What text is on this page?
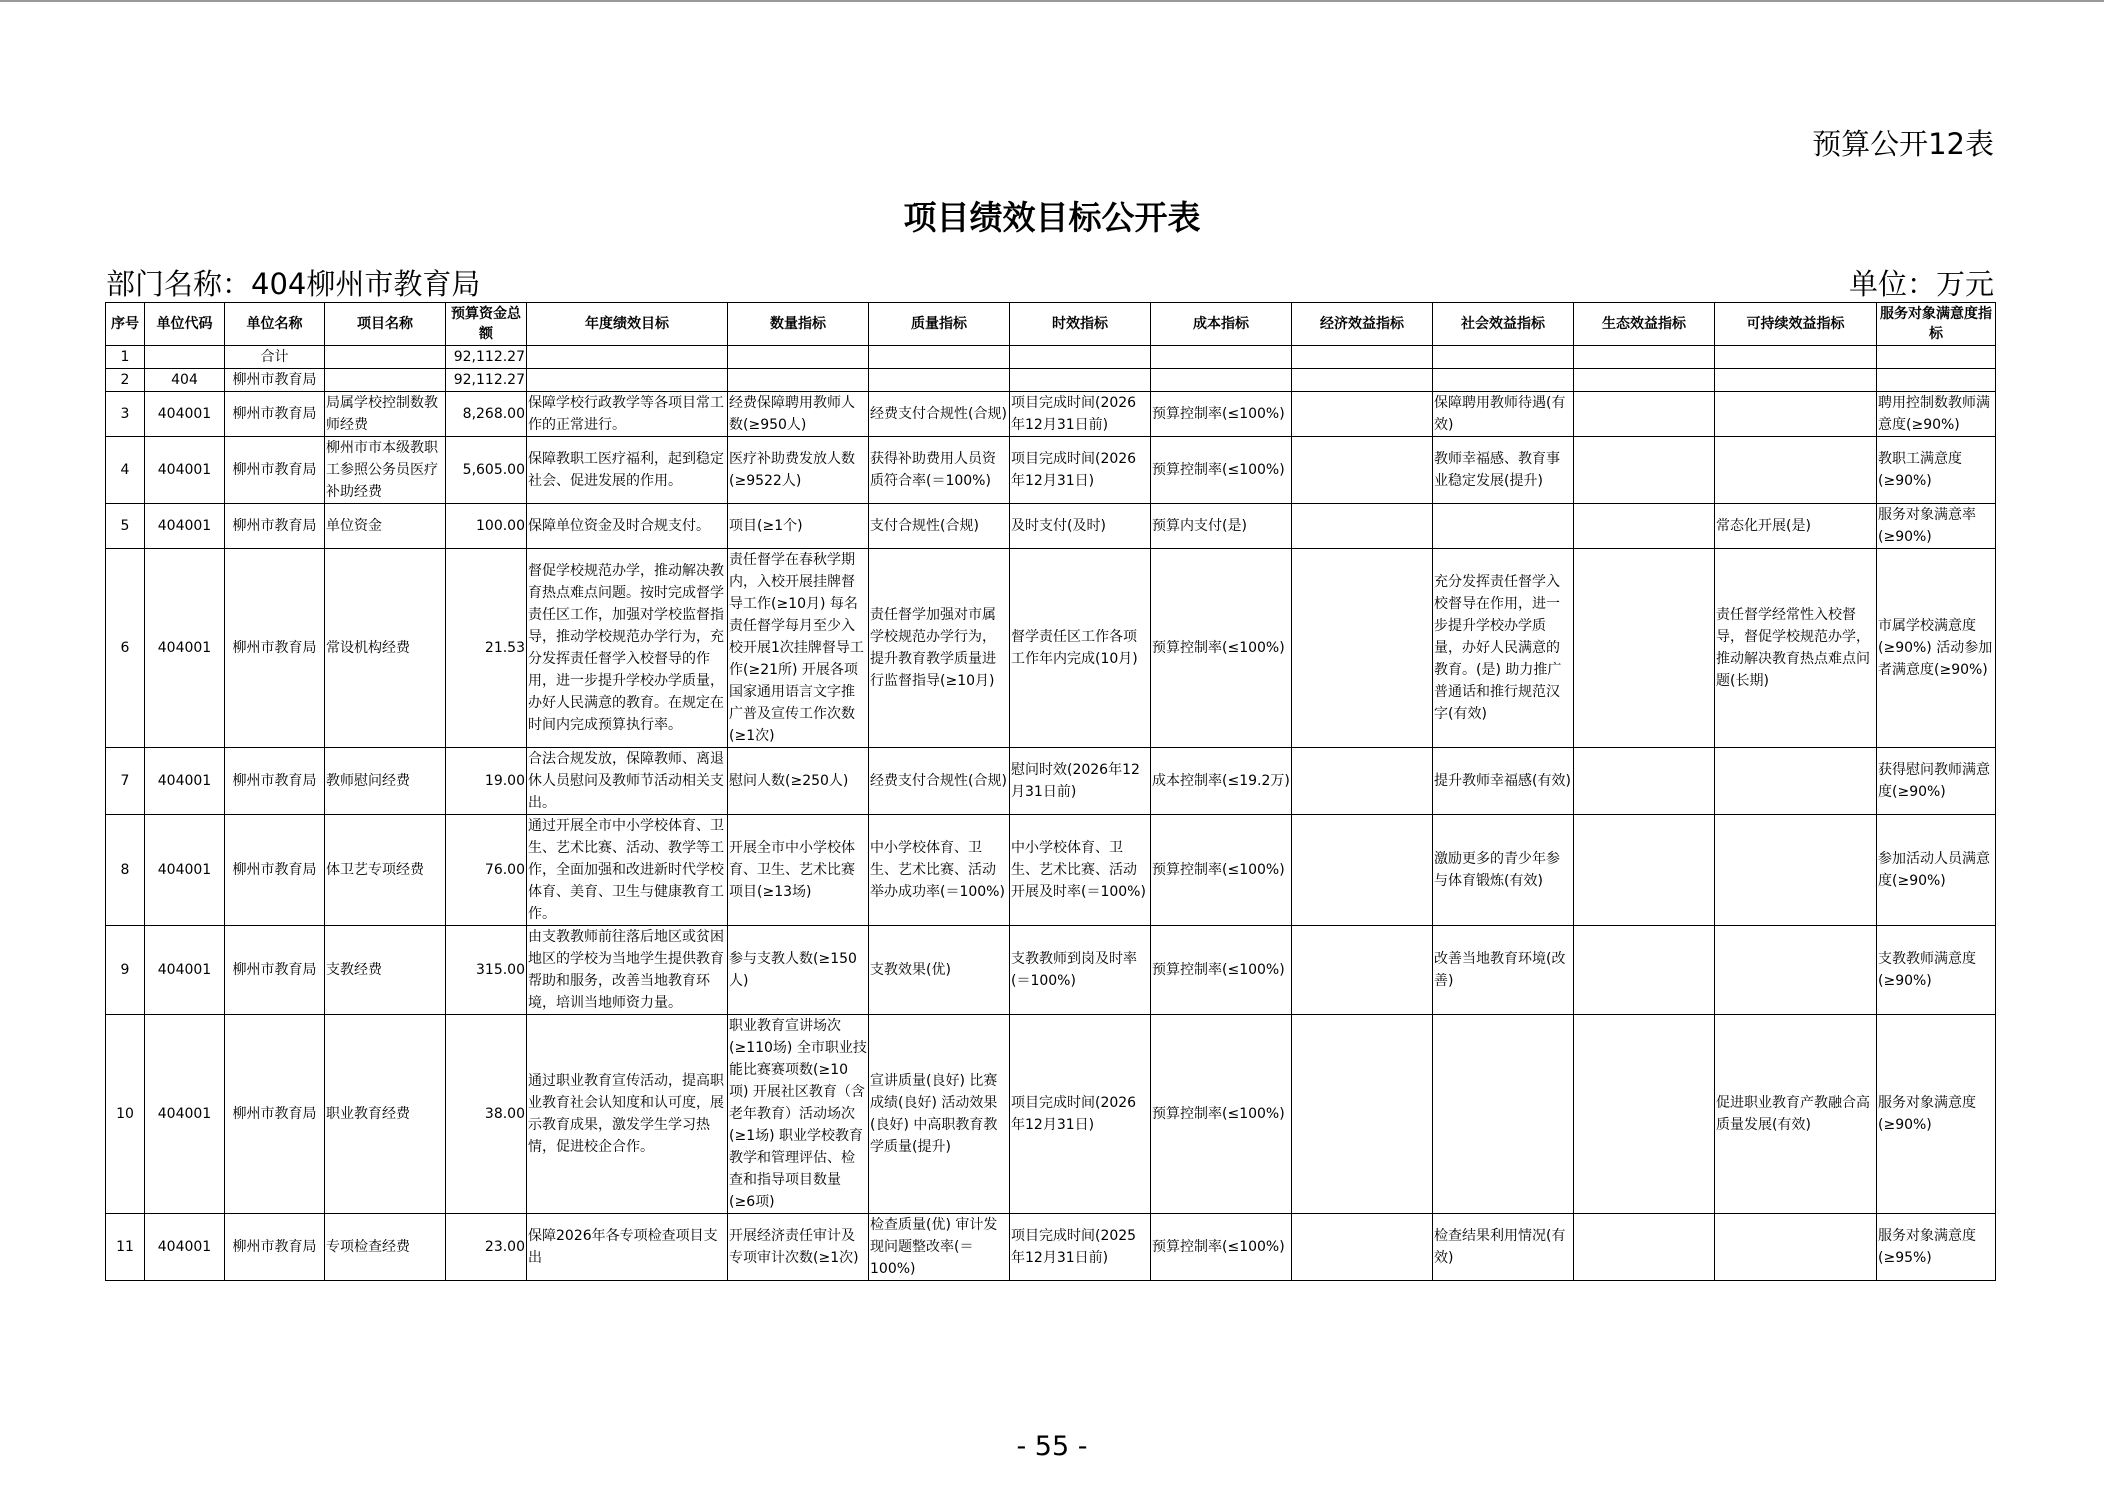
预算公开12表
项目绩效目标公开表
部门名称：404柳州市教育局	单位：万元
序号	单位代码	单位名称	项目名称	预算资金总额	年度绩效目标	数量指标	质量指标	时效指标	成本指标	经济效益指标	社会效益指标	生态效益指标	可持续效益指标	服务对象满意度指标
1		合计		92,112.27										
2	404	柳州市教育局		92,112.27										
3	404001	柳州市教育局	局属学校控制数教师经费	8,268.00	保障学校行政教学等各项目常工作的正常进行。	经费保障聘用教师人数(≥950人)	经费支付合规性(合规)	项目完成时间(2026年12月31日前)	预算控制率(≤100%)		保障聘用教师待遇(有效)			聘用控制数教师满意度(≥90%)
4	404001	柳州市教育局	柳州市市本级教职工参照公务员医疗补助经费	5,605.00	保障教职工医疗福利，起到稳定社会、促进发展的作用。	医疗补助费发放人数(≥9522人)	获得补助费用人员资质符合率(＝100%)	项目完成时间(2026年12月31日)	预算控制率(≤100%)		教师幸福感、教育事业稳定发展(提升)			教职工满意度(≥90%)
5	404001	柳州市教育局	单位资金	100.00	保障单位资金及时合规支付。	项目(≥1个)	支付合规性(合规)	及时支付(及时)	预算内支付(是)				常态化开展(是)	服务对象满意率(≥90%)
6	404001	柳州市教育局	常设机构经费	21.53	督促学校规范办学，推动解决教育热点难点问题。按时完成督学责任区工作，加强对学校监督指导，推动学校规范办学行为，充分发挥责任督学入校督导的作用，进一步提升学校办学质量，办好人民满意的教育。在规定在时间内完成预算执行率。	责任督学在春秋学期内，入校开展挂牌督导工作(≥10月) 每名责任督学每月至少入校开展1次挂牌督导工作(≥21所) 开展各项国家通用语言文字推广普及宣传工作次数(≥1次)	责任督学加强对市属学校规范办学行为，提升教育教学质量进行监督指导(≥10月)	督学责任区工作各项工作年内完成(10月)	预算控制率(≤100%)		充分发挥责任督学入校督导在作用，进一步提升学校办学质量，办好人民满意的教育。(是) 助力推广普通话和推行规范汉字(有效)		责任督学经常性入校督导，督促学校规范办学，推动解决教育热点难点问题(长期)	市属学校满意度(≥90%) 活动参加者满意度(≥90%)
7	404001	柳州市教育局	教师慰问经费	19.00	合法合规发放，保障教师、离退休人员慰问及教师节活动相关支出。	慰问人数(≥250人)	经费支付合规性(合规)	慰问时效(2026年12月31日前)	成本控制率(≤19.2万)		提升教师幸福感(有效)			获得慰问教师满意度(≥90%)
8	404001	柳州市教育局	体卫艺专项经费	76.00	通过开展全市中小学校体育、卫生、艺术比赛、活动、教学等工作，全面加强和改进新时代学校体育、美育、卫生与健康教育工作。	开展全市中小学校体育、卫生、艺术比赛项目(≥13场)	中小学校体育、卫生、艺术比赛、活动举办成功率(＝100%)	中小学校体育、卫生、艺术比赛、活动开展及时率(＝100%)	预算控制率(≤100%)		激励更多的青少年参与体育锻炼(有效)			参加活动人员满意度(≥90%)
9	404001	柳州市教育局	支教经费	315.00	由支教教师前往落后地区或贫困地区的学校为当地学生提供教育帮助和服务，改善当地教育环境，培训当地师资力量。	参与支教人数(≥150人)	支教效果(优)	支教教师到岗及时率(＝100%)	预算控制率(≤100%)		改善当地教育环境(改善)			支教教师满意度(≥90%)
10	404001	柳州市教育局	职业教育经费	38.00	通过职业教育宣传活动，提高职业教育社会认知度和认可度，展示教育成果，激发学生学习热情，促进校企合作。	职业教育宣讲场次(≥110场) 全市职业技能比赛赛项数(≥10项) 开展社区教育（含老年教育）活动场次(≥1场) 职业学校教育教学和管理评估、检查和指导项目数量(≥6项)	宣讲质量(良好) 比赛成绩(良好) 活动效果(良好) 中高职教育教学质量(提升)	项目完成时间(2026年12月31日)	预算控制率(≤100%)				促进职业教育产教融合高质量发展(有效)	服务对象满意度(≥90%)
11	404001	柳州市教育局	专项检查经费	23.00	保障2026年各专项检查项目支出	开展经济责任审计及专项审计次数(≥1次)	检查质量(优) 审计发现问题整改率(＝100%)	项目完成时间(2025年12月31日前)	预算控制率(≤100%)		检查结果利用情况(有效)			服务对象满意度(≥95%)
- 55 -
